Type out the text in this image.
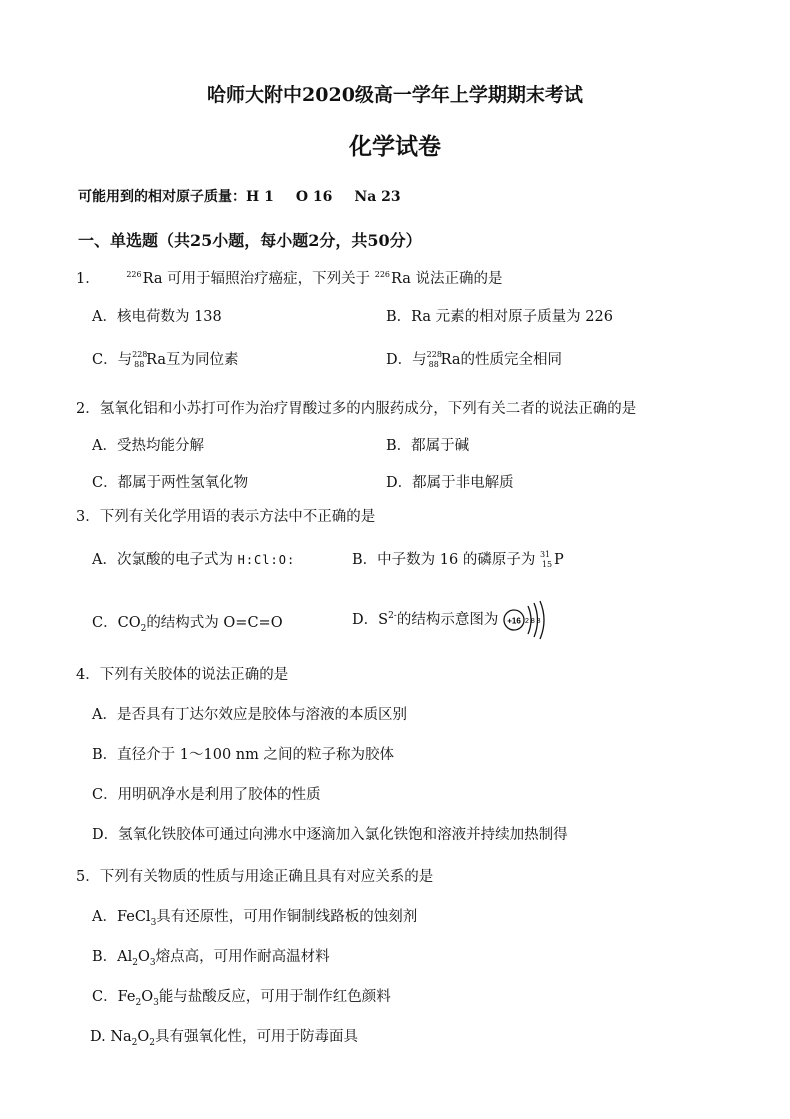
哈师大附中2020级高一学年上学期期末考试
化学试卷
可能用到的相对原子质量：H 1 O 16 Na 23
一、单选题（共25小题，每小题2分，共50分）
1．	$^{226}$Ra 可用于辐照治疗癌症，下列关于 $^{226}$Ra 说法正确的是
A．核电荷数为 138	B．Ra 元素的相对原子质量为 226
C．与 228
88 Ra互为同位素	D．与 228
88 Ra的性质完全相同
2．氢氧化铝和小苏打可作为治疗胃酸过多的内服药成分，下列有关二者的说法正确的是
A．受热均能分解	B．都属于碱
C．都属于两性氢氧化物	D．都属于非电解质
3．下列有关化学用语的表示方法中不正确的是
A．次氯酸的电子式为 H:Cl:O:	B．中子数为 16 的磷原子为 31
15 P
C．$CO_2$的结构式为 O=C=O	D．$S^{2-}$的结构示意图为 +16 2 8 8
4．下列有关胶体的说法正确的是
A．是否具有丁达尔效应是胶体与溶液的本质区别
B．直径介于 1～100 nm 之间的粒子称为胶体
C．用明矾净水是利用了胶体的性质
D．氢氧化铁胶体可通过向沸水中逐滴加入氯化铁饱和溶液并持续加热制得
5．下列有关物质的性质与用途正确且具有对应关系的是
A．FeCl$_3$具有还原性，可用作铜制线路板的蚀刻剂
B．$Al_2O_3$熔点高，可用作耐高温材料
C．$Fe_2O_3$能与盐酸反应，可用于制作红色颜料
D. $Na_2O_2$具有强氧化性，可用于防毒面具
